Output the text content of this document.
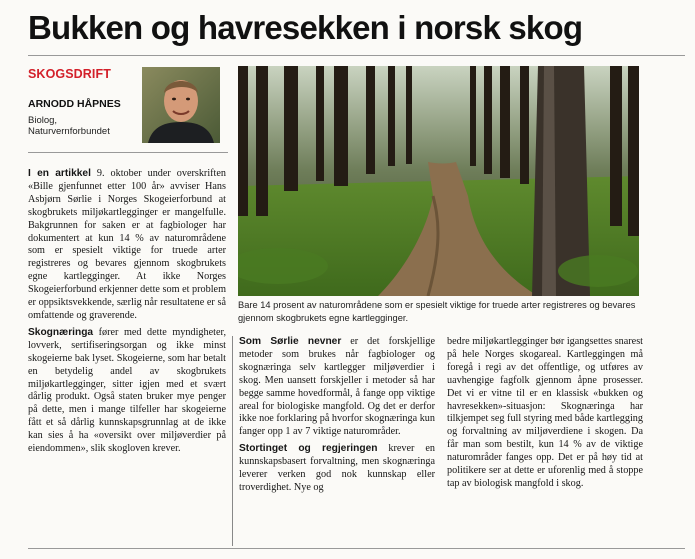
Bukken og havresekken i norsk skog
SKOGSDRIFT
ARNODD HÅPNES
Biolog,
Naturvernforbundet
Bare 14 prosent av naturområdene som er spesielt viktige for truede arter registreres og bevares gjennom skogbrukets egne kartlegginger.

I en artikkel 9. oktober under overskriften «Bille gjenfunnet etter 100 år» avviser Hans Asbjørn Sørlie i Norges Skogeierforbund at skogbrukets miljøkartlegginger er mangelfulle. Bakgrunnen for saken er at fagbiologer har dokumentert at kun 14 % av naturområdene som er spesielt viktige for truede arter registreres og bevares gjennom skogbrukets egne kartlegginger. At ikke Norges Skogeierforbund erkjenner dette som et problem er oppsiktsvekkende, særlig når resultatene er så omfattende og graverende.

Skognæringa fører med dette myndigheter, lovverk, sertifiseringsorgan og ikke minst skogeierne bak lyset. Skogeierne, som har betalt en betydelig andel av skogbrukets miljøkartlegginger, sitter igjen med et svært dårlig produkt. Også staten bruker mye penger på dette, men i mange tilfeller har skogeierne fått et så dårlig kunnskapsgrunnlag at de ikke kan sies å ha «oversikt over miljøverdier på eiendommen», slik skogloven krever.

Som Sørlie nevner er det forskjellige metoder som brukes når fagbiologer og skognæringa selv kartlegger miljøverdier i skog. Men uansett forskjeller i metoder så har begge samme hovedformål, å fange opp viktige areal for biologiske mangfold. Og det er derfor ikke noe forklaring på hvorfor skognæringa kun fanger opp 1 av 7 viktige naturområder.

Stortinget og regjeringen krever en kunnskapsbasert forvaltning, men skognæringa leverer verken god nok kunnskap eller troverdighet. Nye og

bedre miljøkartlegginger bør igangsettes snarest på hele Norges skogareal. Kartleggingen må foregå i regi av det offentlige, og utføres av uavhengige fagfolk gjennom åpne prosesser. Det vi er vitne til er en klassisk «bukken og havresekken»-situasjon: Skognæringa har tilkjempet seg full styring med både kartlegging og forvaltning av miljøverdiene i skogen. Da får man som bestilt, kun 14 % av de viktige naturområder fanges opp. Det er på høy tid at politikere ser at dette er uforenlig med å stoppe tap av biologisk mangfold i skog.
